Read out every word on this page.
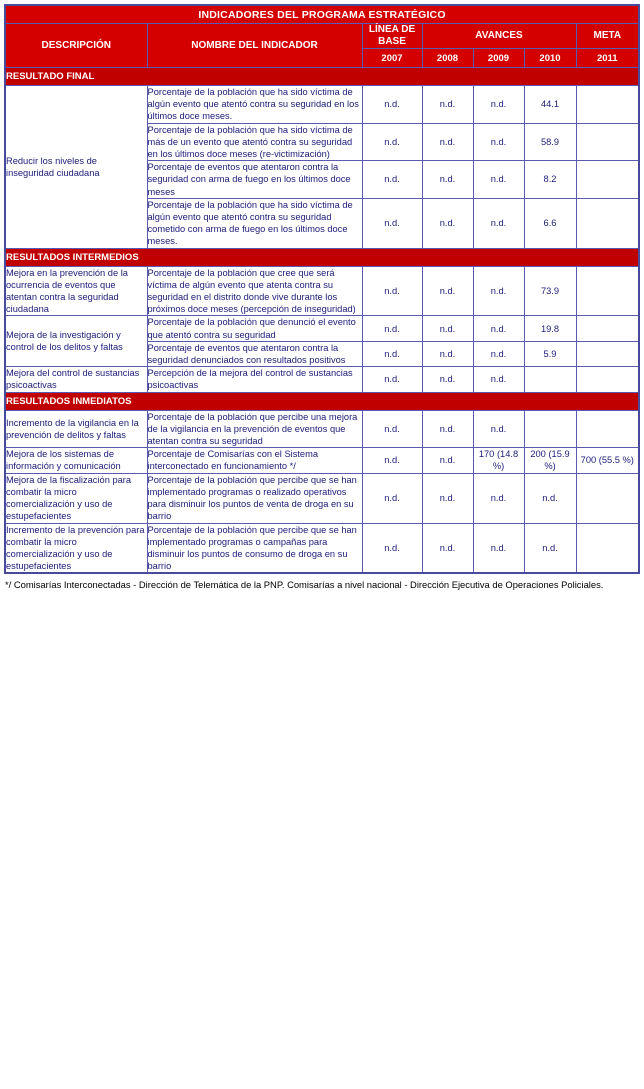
INDICADORES DEL PROGRAMA ESTRATÉGICO						
DESCRIPCIÓN	NOMBRE DEL INDICADOR	LÍNEA DE BASE	AVANCES			META
		2007	2008	2009	2010	2011
RESULTADO FINAL						
Reducir los niveles de inseguridad ciudadana	Porcentaje de la población que ha sido víctima de algún evento que atentó contra su seguridad en los últimos doce meses.	n.d.	n.d.	n.d.	44.1	
	Porcentaje de la población que ha sido víctima de más de un evento que atentó contra su seguridad en los últimos doce meses (re-victimización)	n.d.	n.d.	n.d.	58.9	
	Porcentaje de eventos que atentaron contra la seguridad con arma de fuego en los últimos doce meses	n.d.	n.d.	n.d.	8.2	
	Porcentaje de la población que ha sido víctima de algún evento que atentó contra su seguridad cometido con arma de fuego en los últimos doce meses.	n.d.	n.d.	n.d.	6.6	
RESULTADOS INTERMEDIOS						
Mejora en la prevención de la ocurrencia de eventos que atentan contra la seguridad ciudadana	Porcentaje de la población que cree que será víctima de algún evento que atenta contra su seguridad en el distrito donde vive durante los próximos doce meses (percepción de inseguridad)	n.d.	n.d.	n.d.	73.9	
Mejora de la investigación y control de los delitos y faltas	Porcentaje de la población que denunció el evento que atentó contra su seguridad	n.d.	n.d.	n.d.	19.8	
	Porcentaje de eventos que atentaron contra la seguridad denunciados con resultados positivos	n.d.	n.d.	n.d.	5.9	
Mejora del control de sustancias psicoactivas	Percepción de la mejora del control de sustancias psicoactivas	n.d.	n.d.	n.d.		
RESULTADOS INMEDIATOS						
Incremento de la vigilancia en la prevención de delitos y faltas	Porcentaje de la población que percibe una mejora de la vigilancia en la prevención de eventos que atentan contra su seguridad	n.d.	n.d.	n.d.		
Mejora de los sistemas de información y comunicación	Porcentaje de Comisarías con el Sistema interconectado en funcionamiento */	n.d.	n.d.	170 (14.8 %)	200 (15.9 %)	700 (55.5 %)
Mejora de la fiscalización para combatir la micro comercialización y uso de estupefacientes	Porcentaje de la población que percibe que se han implementado programas o realizado operativos para disminuir los puntos de venta de droga en su barrio	n.d.	n.d.	n.d.	n.d.	
Incremento de la prevención para combatir la micro comercialización y uso de estupefacientes	Porcentaje de la población que percibe que se han implementado programas o campañas para disminuir los puntos de consumo de droga en su barrio	n.d.	n.d.	n.d.	n.d.	
*/ Comisarías Interconectadas - Dirección de Telemática de la PNP. Comisarías a nivel nacional - Dirección Ejecutiva de Operaciones Policiales.
